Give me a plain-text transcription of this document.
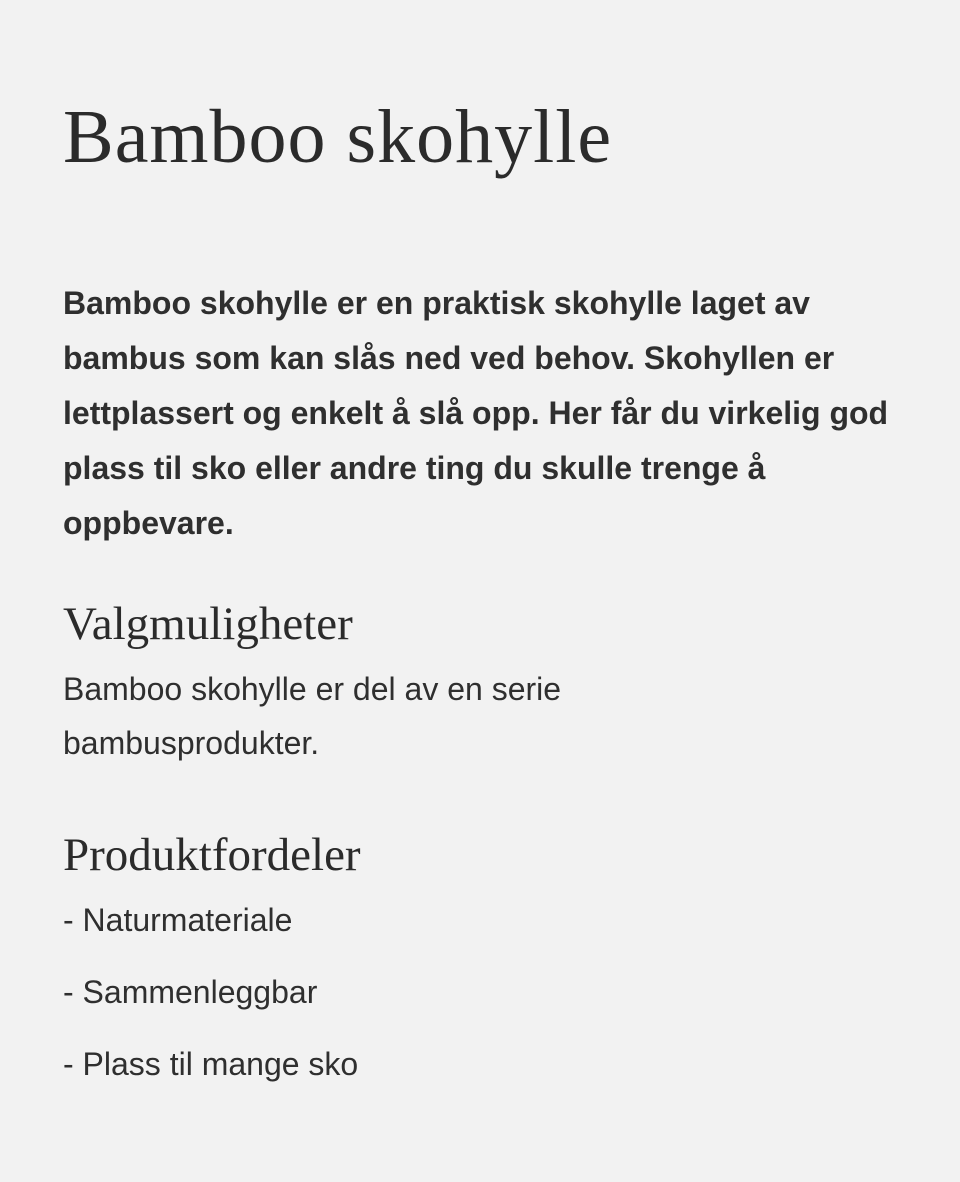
Bamboo skohylle

Bamboo skohylle er en praktisk skohylle laget av bambus som kan slås ned ved behov. Skohyllen er lettplassert og enkelt å slå opp. Her får du virkelig god plass til sko eller andre ting du skulle trenge å oppbevare.

Valgmuligheter

Bamboo skohylle er del av en serie bambusprodukter.

Produktfordeler
- Naturmateriale
- Sammenleggbar
- Plass til mange sko
